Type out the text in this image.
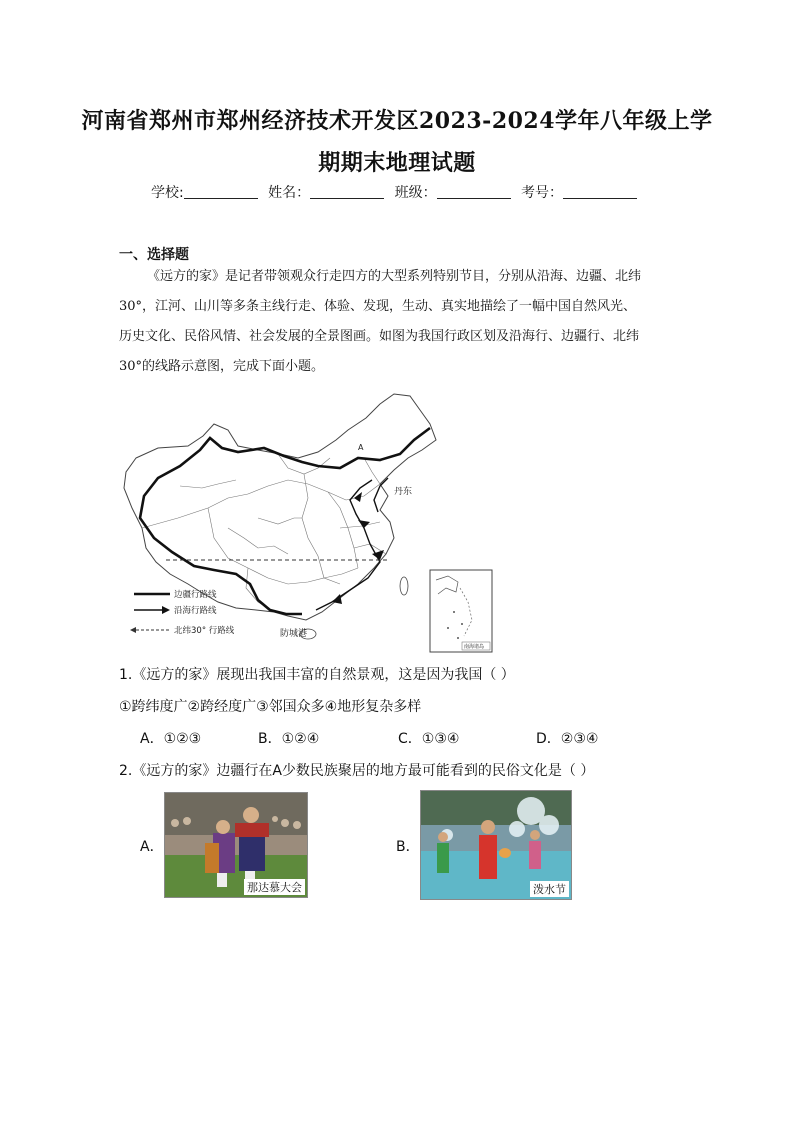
河南省郑州市郑州经济技术开发区2023-2024学年八年级上学
期期末地理试题
学校:	姓名：	班级：	考号：
一、选择题
《远方的家》是记者带领观众行走四方的大型系列特别节目，分别从沿海、边疆、北纬
30°，江河、山川等多条主线行走、体验、发现，生动、真实地描绘了一幅中国自然风光、
历史文化、民俗风情、社会发展的全景图画。如图为我国行政区划及沿海行、边疆行、北纬
30°的线路示意图，完成下面小题。
A
丹东
防城港
边疆行路线
沿海行路线
北纬30° 行路线
南海诸岛
1.《远方的家》展现出我国丰富的自然景观，这是因为我国（ ）
①跨纬度广②跨经度广③邻国众多④地形复杂多样
A．①②③	B．①②④	C．①③④	D．②③④
2.《远方的家》边疆行在A少数民族聚居的地方最可能看到的民俗文化是（ ）
A．
那达慕大会
B．
泼水节
